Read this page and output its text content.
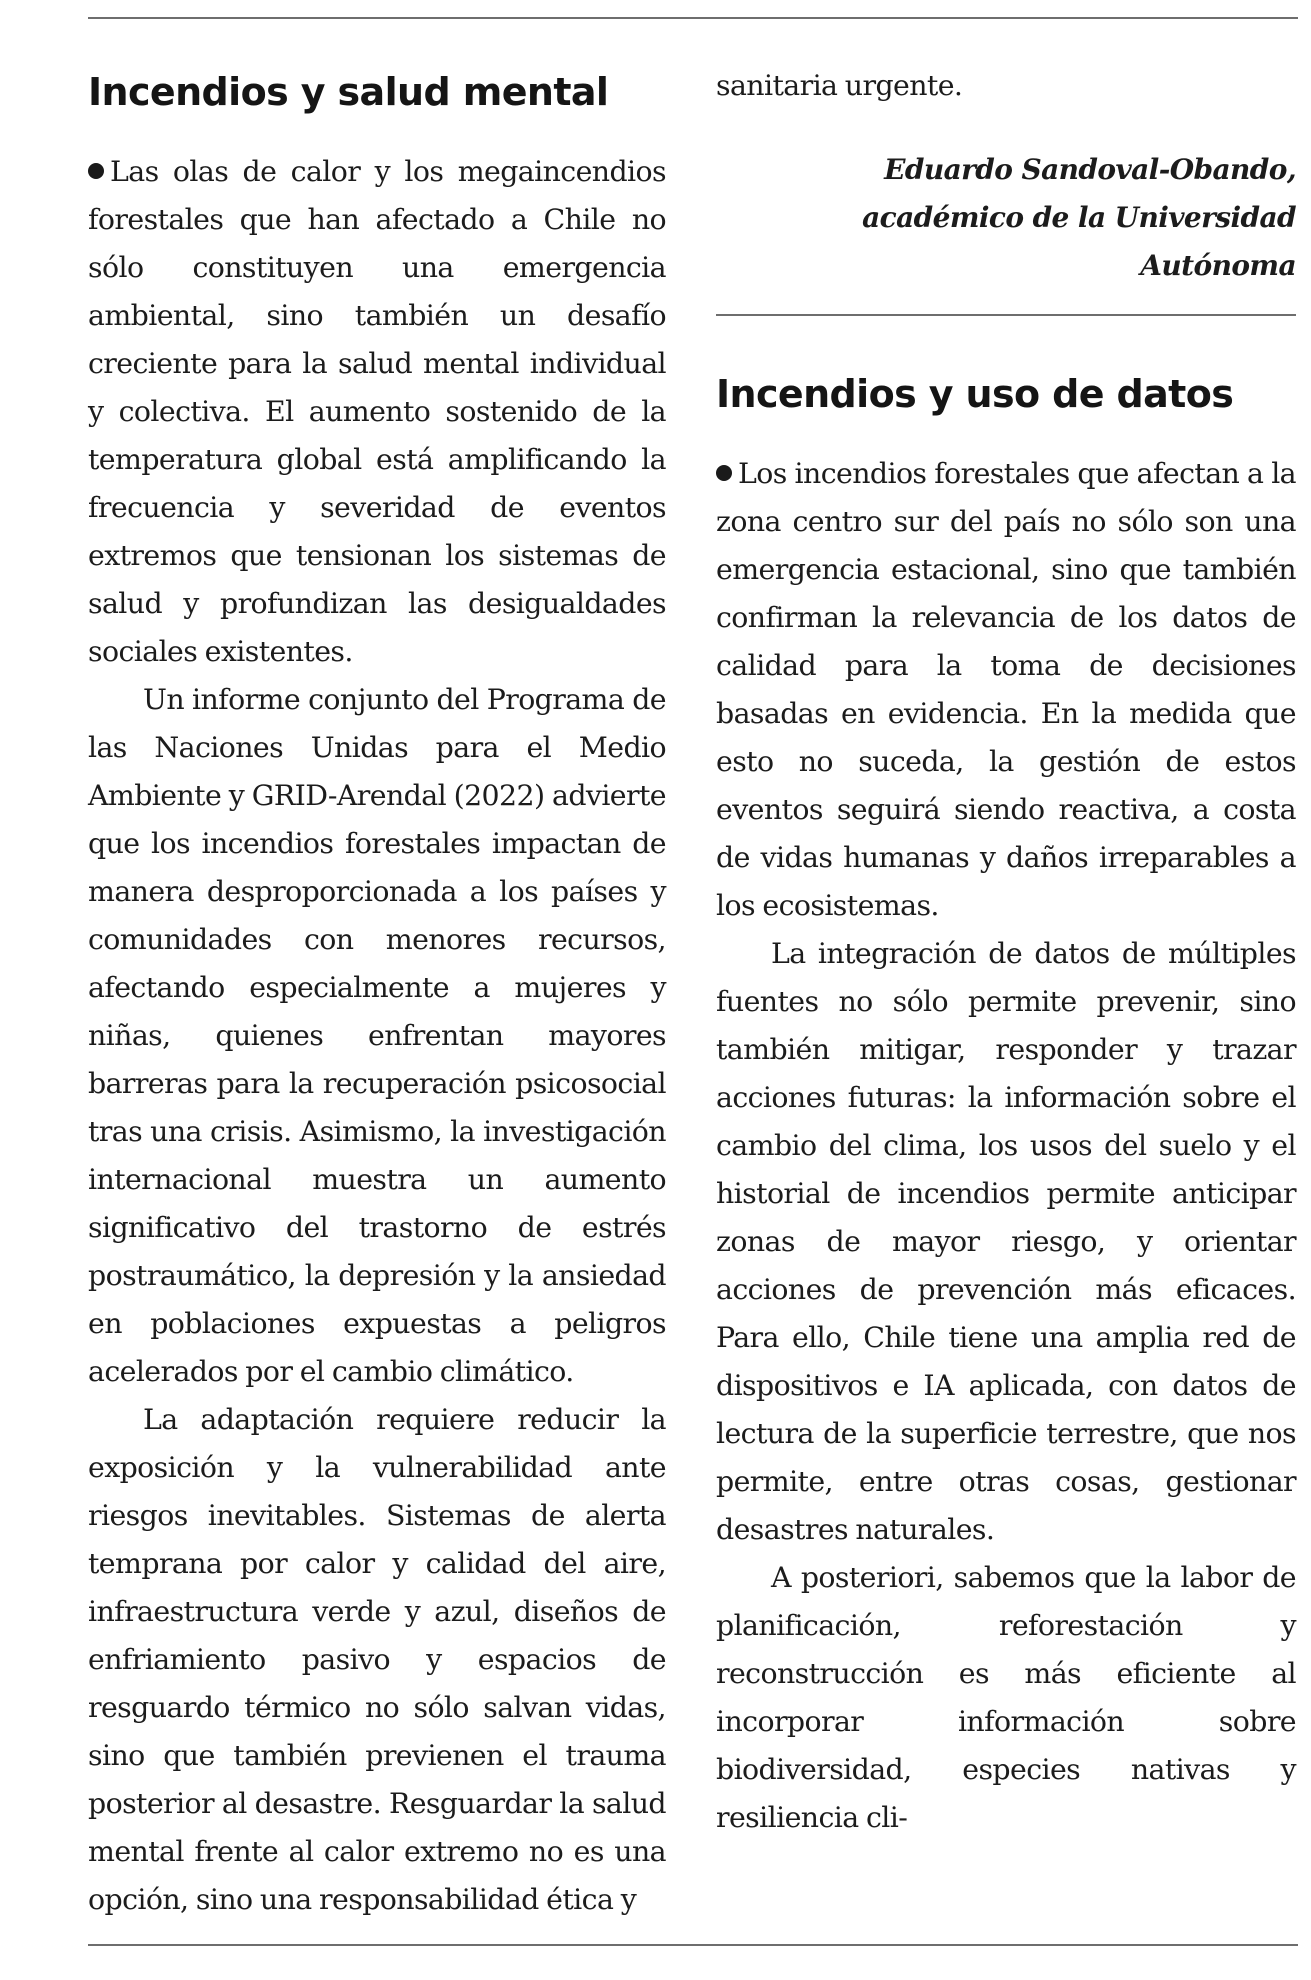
Incendios y salud mental

Las olas de calor y los megaincendios forestales que han afectado a Chile no sólo constituyen una emergencia ambiental, sino también un desafío creciente para la salud mental individual y colectiva. El aumento sostenido de la temperatura global está amplificando la frecuencia y severidad de eventos extremos que tensionan los sistemas de salud y profundizan las desigualdades sociales existentes.

Un informe conjunto del Programa de las Naciones Unidas para el Medio Ambiente y GRID-Arendal (2022) advierte que los incendios forestales impactan de manera desproporcionada a los países y comunidades con menores recursos, afectando especialmente a mujeres y niñas, quienes enfrentan mayores barreras para la recuperación psicosocial tras una crisis. Asimismo, la investigación internacional muestra un aumento significativo del trastorno de estrés postraumático, la depresión y la ansiedad en poblaciones expuestas a peligros acelerados por el cambio climático.

La adaptación requiere reducir la exposición y la vulnerabilidad ante riesgos inevitables. Sistemas de alerta temprana por calor y calidad del aire, infraestructura verde y azul, diseños de enfriamiento pasivo y espacios de resguardo térmico no sólo salvan vidas, sino que también previenen el trauma posterior al desastre. Resguardar la salud mental frente al calor extremo no es una opción, sino una responsabilidad ética y

sanitaria urgente.

Eduardo Sandoval-Obando, académico de la Universidad Autónoma
Incendios y uso de datos

Los incendios forestales que afectan a la zona centro sur del país no sólo son una emergencia estacional, sino que también confirman la relevancia de los datos de calidad para la toma de decisiones basadas en evidencia. En la medida que esto no suceda, la gestión de estos eventos seguirá siendo reactiva, a costa de vidas humanas y daños irreparables a los ecosistemas.

La integración de datos de múltiples fuentes no sólo permite prevenir, sino también mitigar, responder y trazar acciones futuras: la información sobre el cambio del clima, los usos del suelo y el historial de incendios permite anticipar zonas de mayor riesgo, y orientar acciones de prevención más eficaces. Para ello, Chile tiene una amplia red de dispositivos e IA aplicada, con datos de lectura de la superficie terrestre, que nos permite, entre otras cosas, gestionar desastres naturales.

A posteriori, sabemos que la labor de planificación, reforestación y reconstrucción es más eficiente al incorporar información sobre biodiversidad, especies nativas y resiliencia cli-
